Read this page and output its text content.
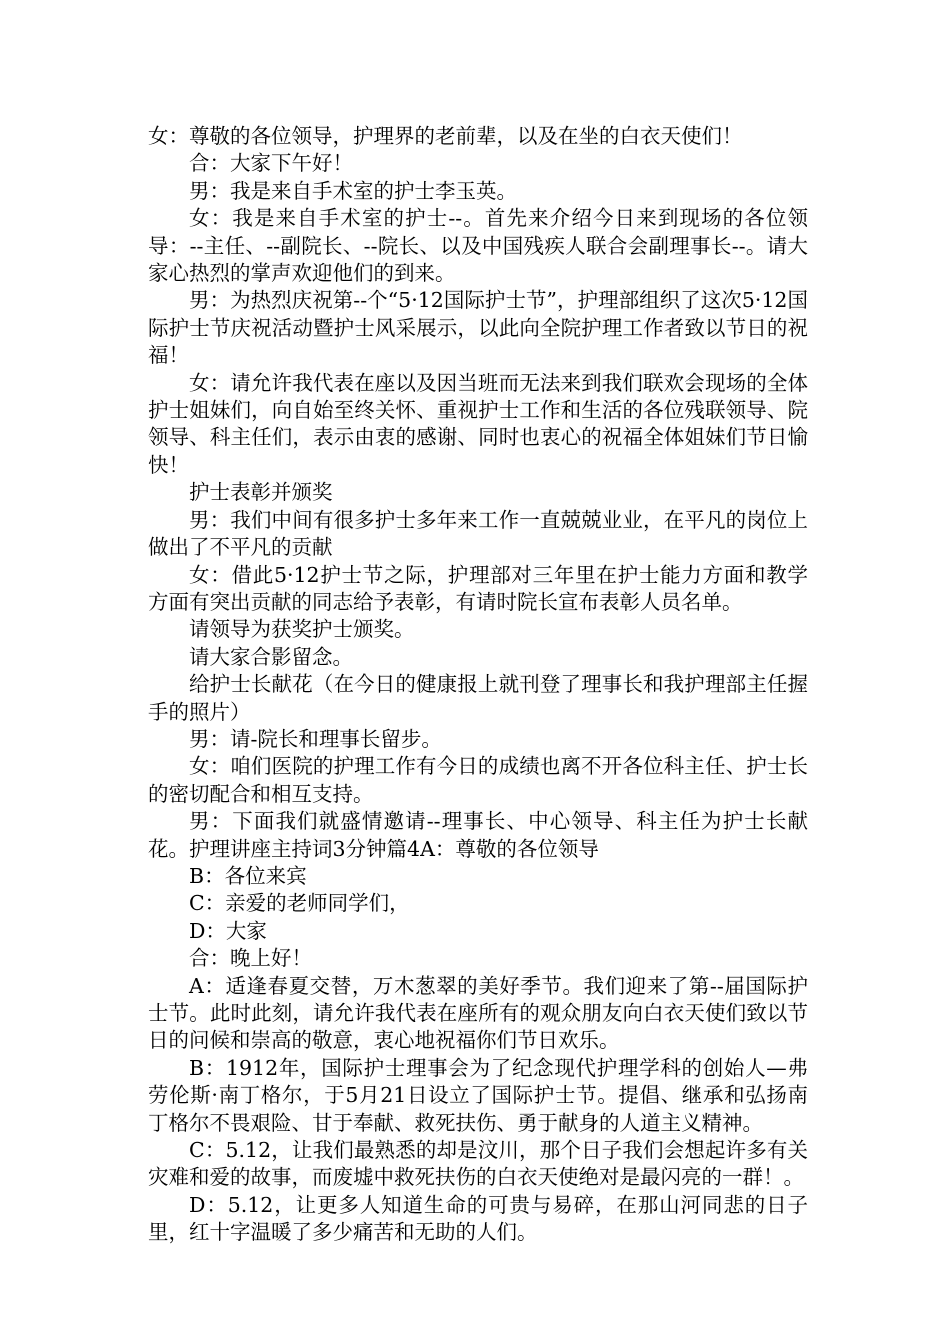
女：尊敬的各位领导，护理界的老前辈，以及在坐的白衣天使们！

合：大家下午好！

男：我是来自手术室的护士李玉英。

女：我是来自手术室的护士--。首先来介绍今日来到现场的各位领导：--主任、--副院长、--院长、以及中国残疾人联合会副理事长--。请大家心热烈的掌声欢迎他们的到来。

男：为热烈庆祝第--个“5·12国际护士节”，护理部组织了这次5·12国际护士节庆祝活动暨护士风采展示，以此向全院护理工作者致以节日的祝福！

女：请允许我代表在座以及因当班而无法来到我们联欢会现场的全体护士姐妹们，向自始至终关怀、重视护士工作和生活的各位残联领导、院领导、科主任们，表示由衷的感谢、同时也衷心的祝福全体姐妹们节日愉快！

护士表彰并颁奖

男：我们中间有很多护士多年来工作一直兢兢业业，在平凡的岗位上做出了不平凡的贡献

女：借此5·12护士节之际，护理部对三年里在护士能力方面和教学方面有突出贡献的同志给予表彰，有请时院长宣布表彰人员名单。

请领导为获奖护士颁奖。

请大家合影留念。

给护士长献花（在今日的健康报上就刊登了理事长和我护理部主任握手的照片）

男：请-院长和理事长留步。

女：咱们医院的护理工作有今日的成绩也离不开各位科主任、护士长的密切配合和相互支持。

男：下面我们就盛情邀请--理事长、中心领导、科主任为护士长献花。护理讲座主持词3分钟篇4A：尊敬的各位领导

B：各位来宾

C：亲爱的老师同学们，

D：大家

合：晚上好！

A：适逢春夏交替，万木葱翠的美好季节。我们迎来了第--届国际护士节。此时此刻，请允许我代表在座所有的观众朋友向白衣天使们致以节日的问候和崇高的敬意，衷心地祝福你们节日欢乐。

B：1912年，国际护士理事会为了纪念现代护理学科的创始人—弗劳伦斯·南丁格尔，于5月21日设立了国际护士节。提倡、继承和弘扬南丁格尔不畏艰险、甘于奉献、救死扶伤、勇于献身的人道主义精神。

C：5.12，让我们最熟悉的却是汶川，那个日子我们会想起许多有关灾难和爱的故事，而废墟中救死扶伤的白衣天使绝对是最闪亮的一群！。

D：5.12，让更多人知道生命的可贵与易碎，在那山河同悲的日子里，红十字温暖了多少痛苦和无助的人们。
